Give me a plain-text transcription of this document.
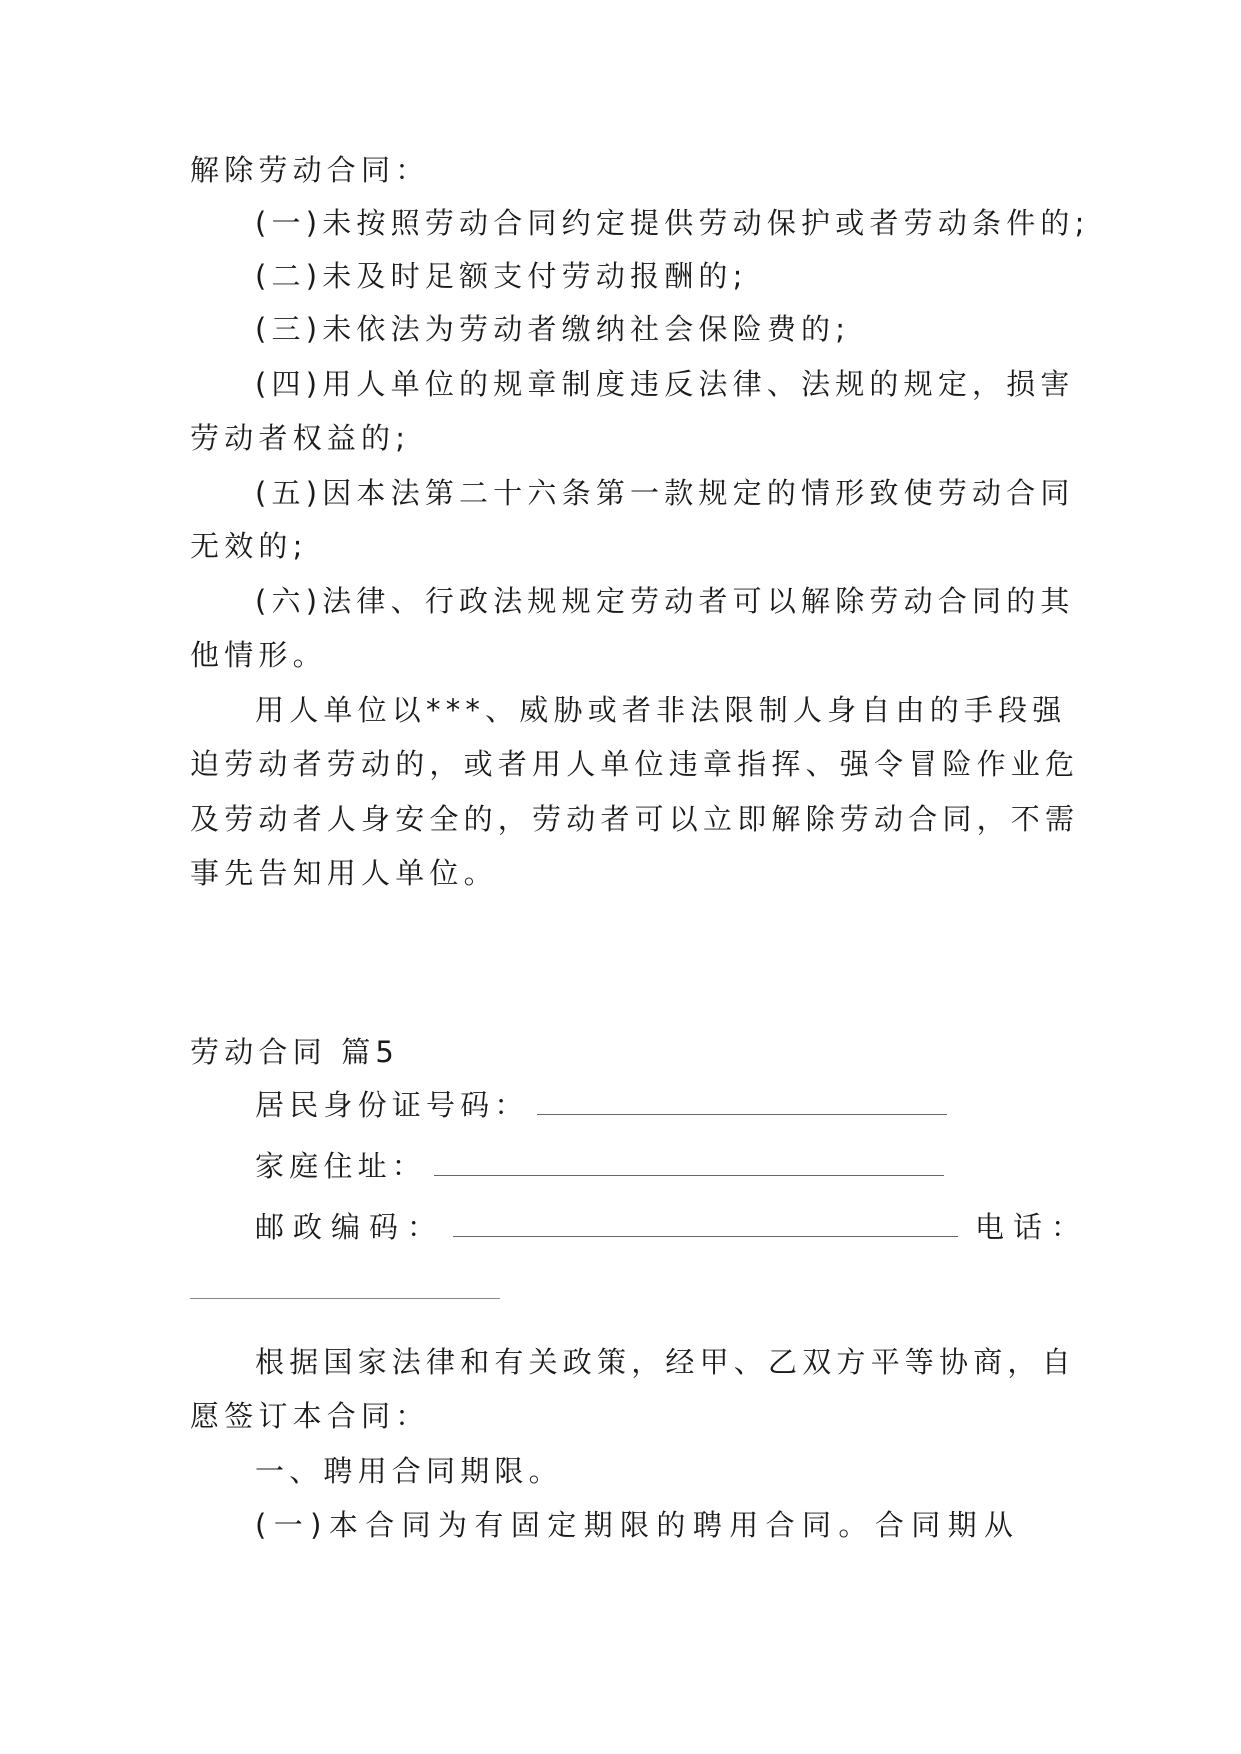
解除劳动合同：
(一)未按照劳动合同约定提供劳动保护或者劳动条件的;
(二)未及时足额支付劳动报酬的;
(三)未依法为劳动者缴纳社会保险费的;
(四)用人单位的规章制度违反法律、法规的规定，损害
劳动者权益的;
(五)因本法第二十六条第一款规定的情形致使劳动合同
无效的;
(六)法律、行政法规规定劳动者可以解除劳动合同的其
他情形。
用人单位以***、威胁或者非法限制人身自由的手段强
迫劳动者劳动的，或者用人单位违章指挥、强令冒险作业危
及劳动者人身安全的，劳动者可以立即解除劳动合同，不需
事先告知用人单位。
劳动合同 篇5
居民身份证号码：
家庭住址：
邮政编码：	电话：
根据国家法律和有关政策，经甲、乙双方平等协商，自
愿签订本合同：
一、聘用合同期限。
(一)本合同为有固定期限的聘用合同。合同期从
